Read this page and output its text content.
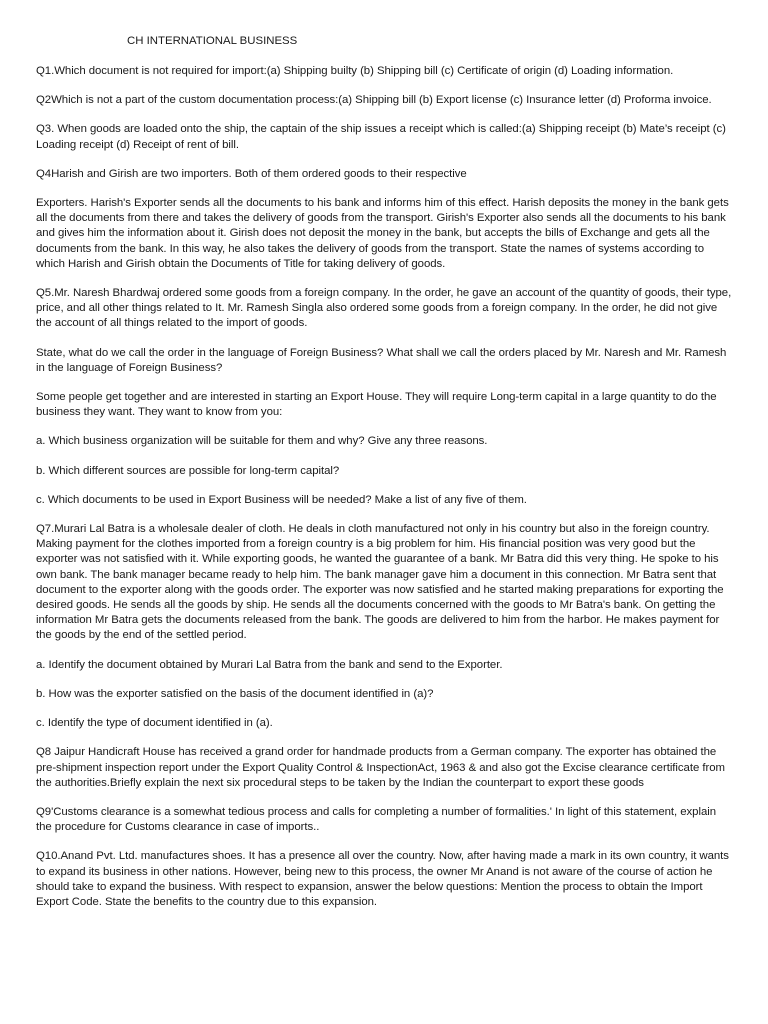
CH INTERNATIONAL BUSINESS

Q1.Which document is not required for import:(a) Shipping builty (b) Shipping bill (c) Certificate of origin (d) Loading information.

Q2Which is not a part of the custom documentation process:(a) Shipping bill (b) Export license (c) Insurance letter (d) Proforma invoice.

Q3. When goods are loaded onto the ship, the captain of the ship issues a receipt which is called:(a) Shipping receipt (b) Mate’s receipt (c) Loading receipt (d) Receipt of rent of bill.

Q4Harish and Girish are two importers. Both of them ordered goods to their respective

Exporters. Harish's Exporter sends all the documents to his bank and informs him of this effect. Harish deposits the money in the bank gets all the documents from there and takes the delivery of goods from the transport. Girish's Exporter also sends all the documents to his bank and gives him the information about it. Girish does not deposit the money in the bank, but accepts the bills of Exchange and gets all the documents from the bank. In this way, he also takes the delivery of goods from the transport. State the names of systems according to which Harish and Girish obtain the Documents of Title for taking delivery of goods.

Q5.Mr. Naresh Bhardwaj ordered some goods from a foreign company. In the order, he gave an account of the quantity of goods, their type, price, and all other things related to It. Mr. Ramesh Singla also ordered some goods from a foreign company. In the order, he did not give the account of all things related to the import of goods.

State, what do we call the order in the language of Foreign Business? What shall we call the orders placed by Mr. Naresh and Mr. Ramesh in the language of Foreign Business?

Some people get together and are interested in starting an Export House. They will require Long-term capital in a large quantity to do the business they want. They want to know from you:

a. Which business organization will be suitable for them and why? Give any three reasons.

b. Which different sources are possible for long-term capital?

c. Which documents to be used in Export Business will be needed? Make a list of any five of them.

Q7.Murari Lal Batra is a wholesale dealer of cloth. He deals in cloth manufactured not only in his country but also in the foreign country. Making payment for the clothes imported from a foreign country is a big problem for him. His financial position was very good but the exporter was not satisfied with it. While exporting goods, he wanted the guarantee of a bank. Mr Batra did this very thing. He spoke to his own bank. The bank manager became ready to help him. The bank manager gave him a document in this connection. Mr Batra sent that document to the exporter along with the goods order. The exporter was now satisfied and he started making preparations for exporting the desired goods. He sends all the goods by ship. He sends all the documents concerned with the goods to Mr Batra's bank. On getting the information Mr Batra gets the documents released from the bank. The goods are delivered to him from the harbor. He makes payment for the goods by the end of the settled period.

a. Identify the document obtained by Murari Lal Batra from the bank and send to the Exporter.

b. How was the exporter satisfied on the basis of the document identified in (a)?

c. Identify the type of document identified in (a).

Q8 Jaipur Handicraft House has received a grand order for handmade products from a German company. The exporter has obtained the pre-shipment inspection report under the Export Quality Control & InspectionAct, 1963 & and also got the Excise clearance certificate from the authorities.Briefly explain the next six procedural steps to be taken by the Indian the counterpart to export these goods

Q9'Customs clearance is a somewhat tedious process and calls for completing a number of formalities.' In light of this statement, explain the procedure for Customs clearance in case of imports..

Q10.Anand Pvt. Ltd. manufactures shoes. It has a presence all over the country. Now, after having made a mark in its own country, it wants to expand its business in other nations. However, being new to this process, the owner Mr Anand is not aware of the course of action he should take to expand the business. With respect to expansion, answer the below questions: Mention the process to obtain the Import Export Code. State the benefits to the country due to this expansion.
